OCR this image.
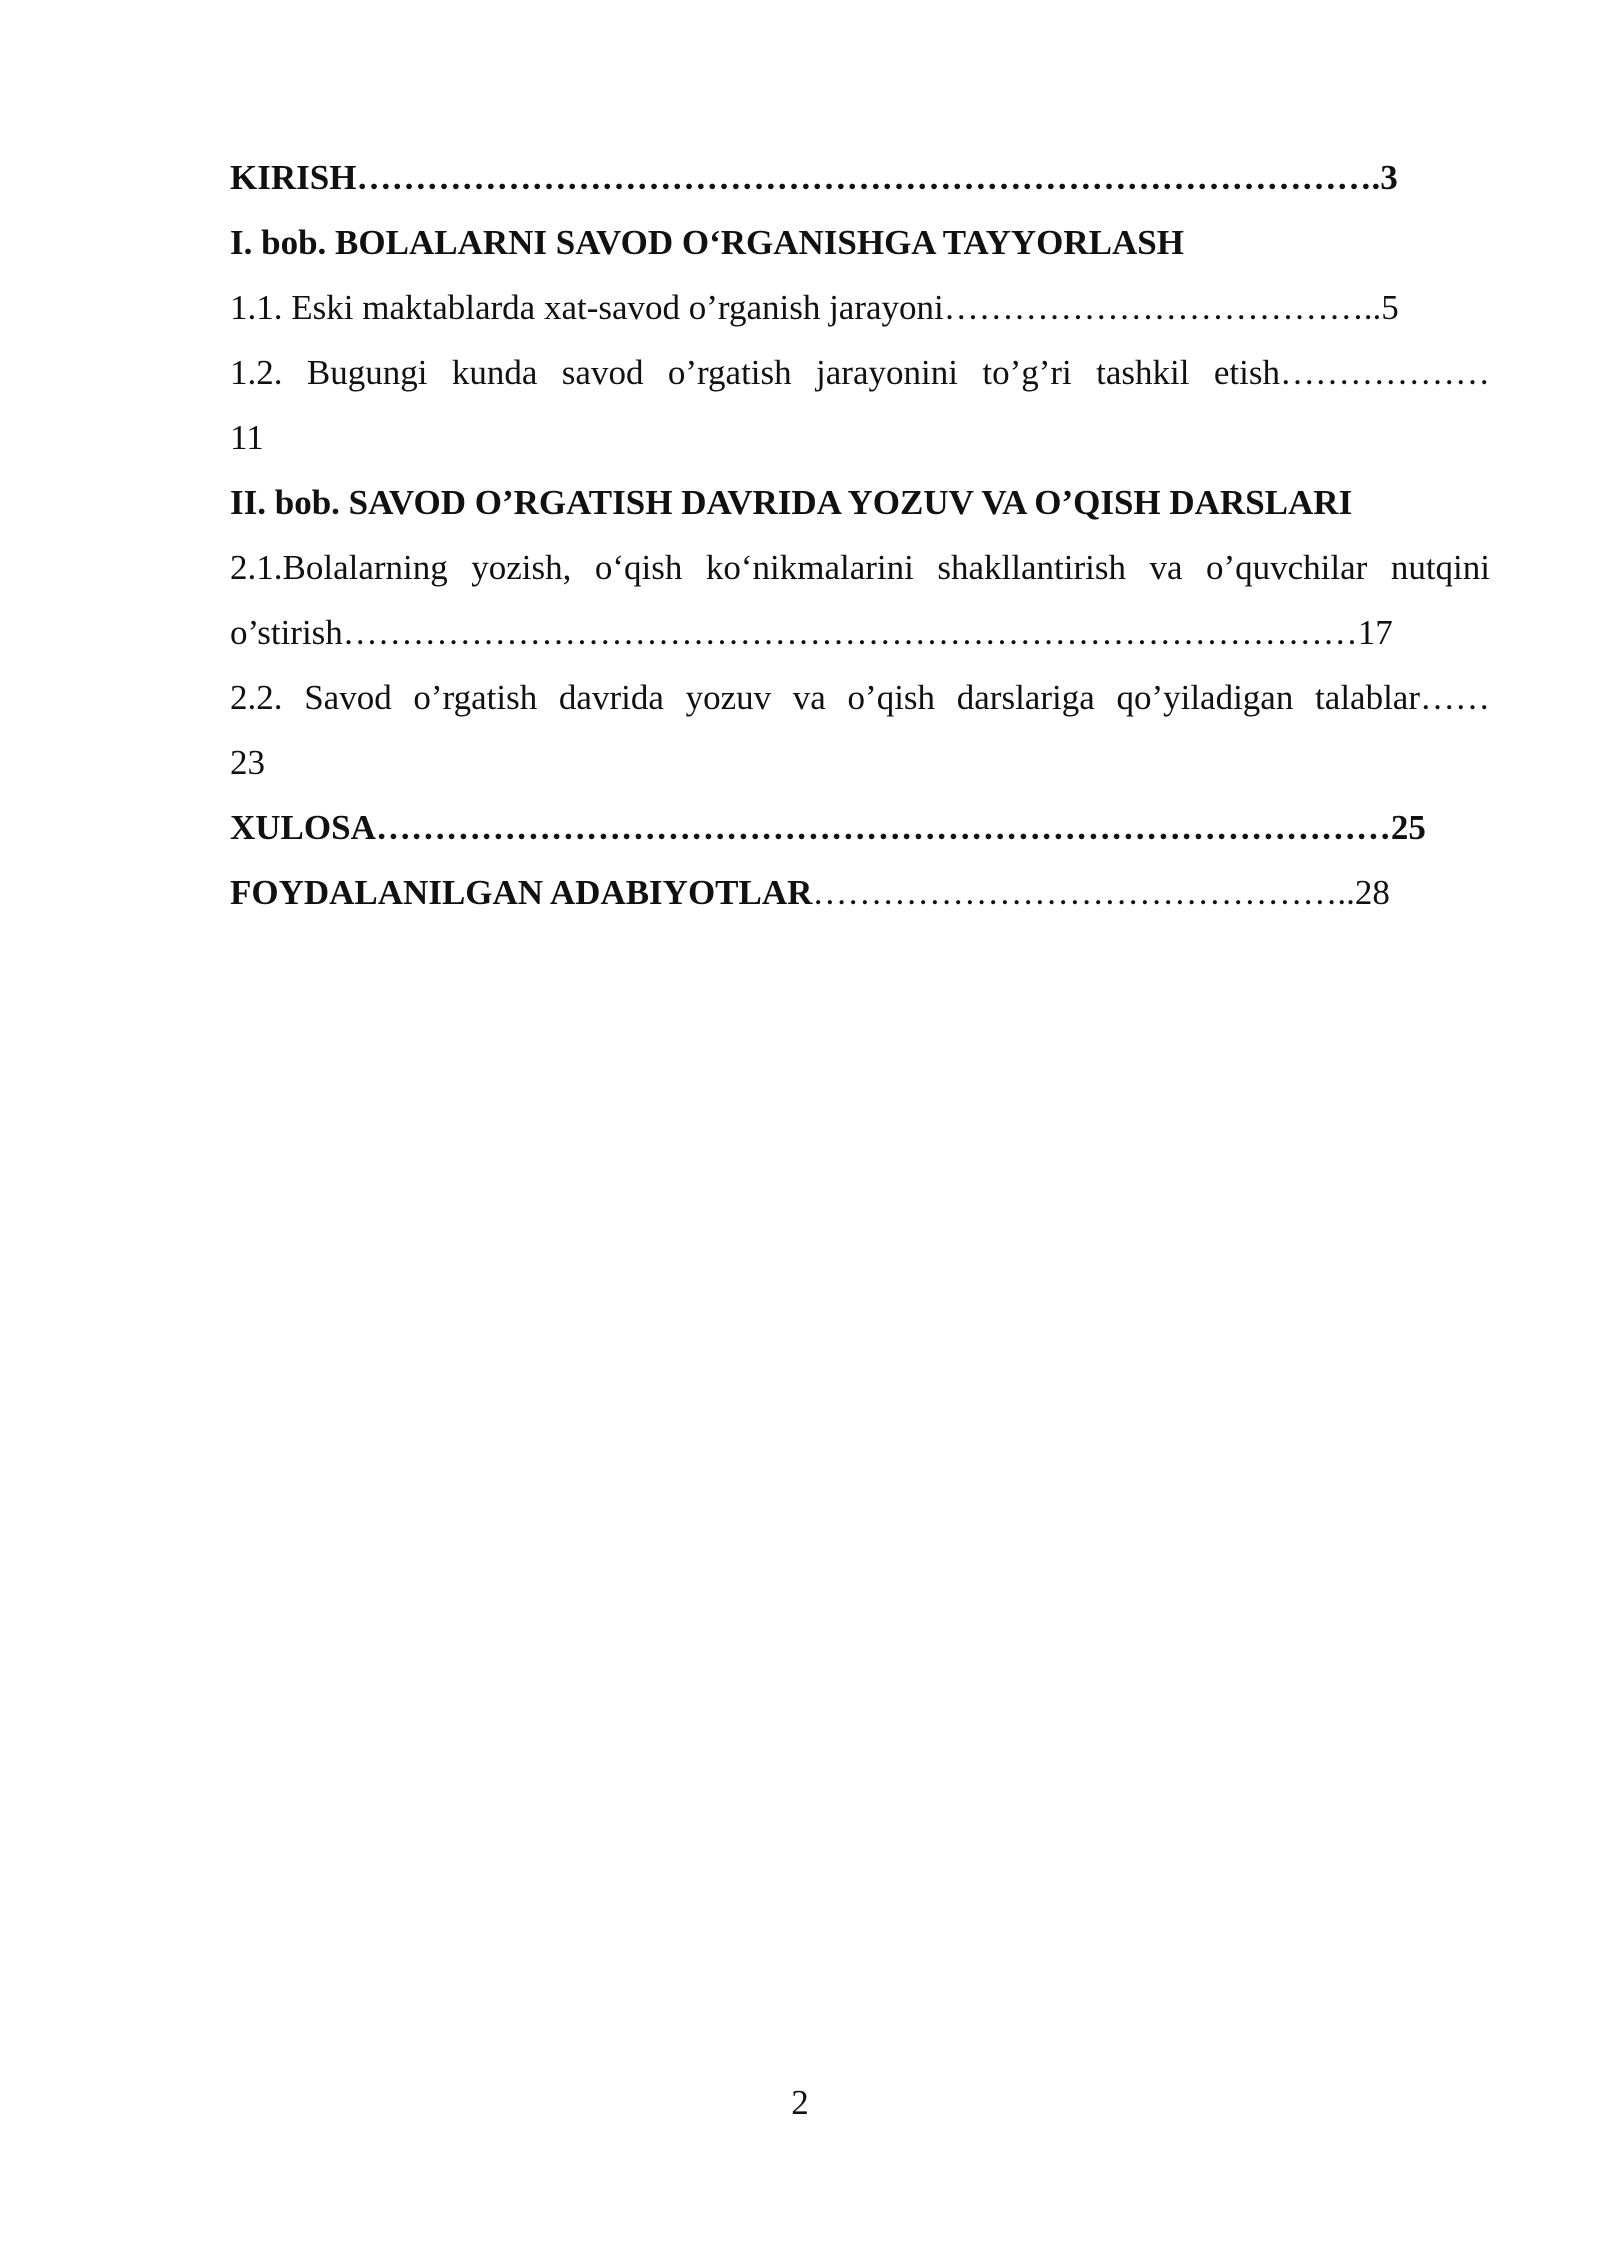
KIRISH…………………………………………………………………………….3
I. bob. BOLALARNI SAVOD O‘RGANISHGA TAYYORLASH
1.1. Eski maktablarda xat-savod o’rganish jarayoni………………………………..5
1.2. Bugungi kunda savod o’rgatish jarayonini to’g’ri tashkil etish………………
11
II. bob. SAVOD O’RGATISH DAVRIDA YOZUV VA O’QISH DARSLARI
2.1.Bolalarning yozish, o‘qish ko‘nikmalarini shakllantirish va o’quvchilar nutqini
o’stirish……………………………………………………………………………17
2.2. Savod o’rgatish davrida yozuv va o’qish darslariga qo’yiladigan talablar……
23
XULOSA……………………………………………………………………………25
FOYDALANILGAN ADABIYOTLAR………………………………………..28
2
